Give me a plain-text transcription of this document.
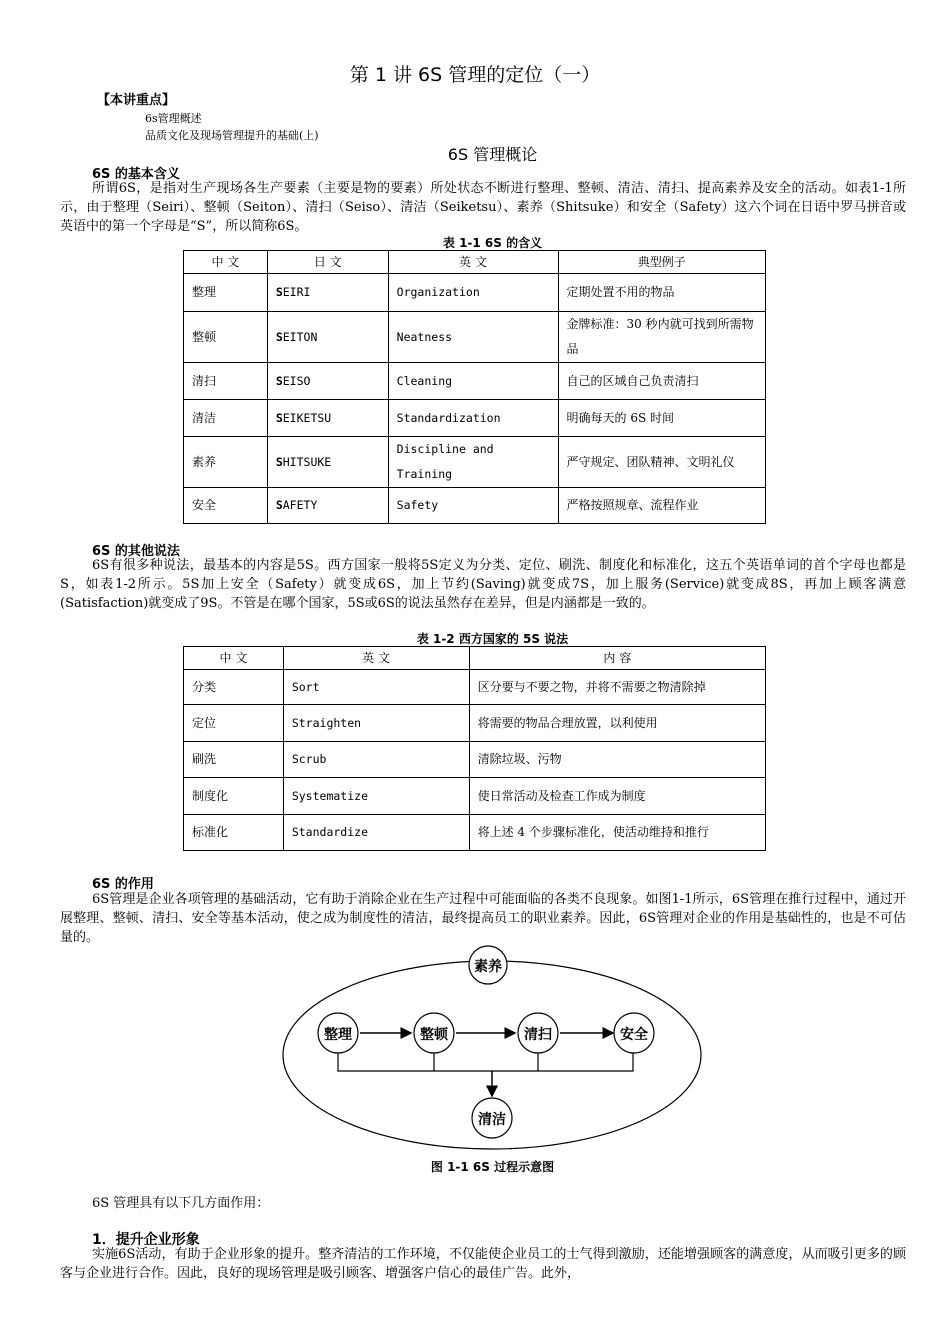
第 1 讲 6S 管理的定位（一）
【本讲重点】
6s管理概述
品质文化及现场管理提升的基础(上)
6S 管理概论
6S 的基本含义
所谓6S，是指对生产现场各生产要素（主要是物的要素）所处状态不断进行整理、整顿、清洁、清扫、提高素养及安全的活动。如表1-1所示，由于整理（Seiri）、整顿（Seiton）、清扫（Seiso）、清洁（Seiketsu）、素养（Shitsuke）和安全（Safety）这六个词在日语中罗马拼音或英语中的第一个字母是“S”，所以简称6S。
表 1-1 6S 的含义
中 文	日 文	英 文	典型例子
整理	SEIRI	Organization	定期处置不用的物品
整顿	SEITON	Neatness	金牌标准：30 秒内就可找到所需物品
清扫	SEISO	Cleaning	自己的区域自己负责清扫
清洁	SEIKETSU	Standardization	明确每天的 6S 时间
素养	SHITSUKE	Discipline and Training	严守规定、团队精神、文明礼仪
安全	SAFETY	Safety	严格按照规章、流程作业
6S 的其他说法
6S有很多种说法，最基本的内容是5S。西方国家一般将5S定义为分类、定位、刷洗、制度化和标准化，这五个英语单词的首个字母也都是S，如表1-2所示。5S加上安全（Safety）就变成6S，加上节约(Saving)就变成7S，加上服务(Service)就变成8S，再加上顾客满意(Satisfaction)就变成了9S。不管是在哪个国家，5S或6S的说法虽然存在差异，但是内涵都是一致的。
表 1-2 西方国家的 5S 说法
中 文	英 文	内 容
分类	Sort	区分要与不要之物，并将不需要之物清除掉
定位	Straighten	将需要的物品合理放置，以利使用
刷洗	Scrub	清除垃圾、污物
制度化	Systematize	使日常活动及检查工作成为制度
标准化	Standardize	将上述 4 个步骤标准化，使活动维持和推行
6S 的作用
6S管理是企业各项管理的基础活动，它有助于消除企业在生产过程中可能面临的各类不良现象。如图1-1所示，6S管理在推行过程中，通过开展整理、整顿、清扫、安全等基本活动，使之成为制度性的清洁，最终提高员工的职业素养。因此，6S管理对企业的作用是基础性的，也是不可估量的。
素养
整理	整顿	清扫	安全
清洁
图 1-1 6S 过程示意图
6S 管理具有以下几方面作用：
1．提升企业形象
实施6S活动，有助于企业形象的提升。整齐清洁的工作环境，不仅能使企业员工的士气得到激励，还能增强顾客的满意度，从而吸引更多的顾客与企业进行合作。因此，良好的现场管理是吸引顾客、增强客户信心的最佳广告。此外，
